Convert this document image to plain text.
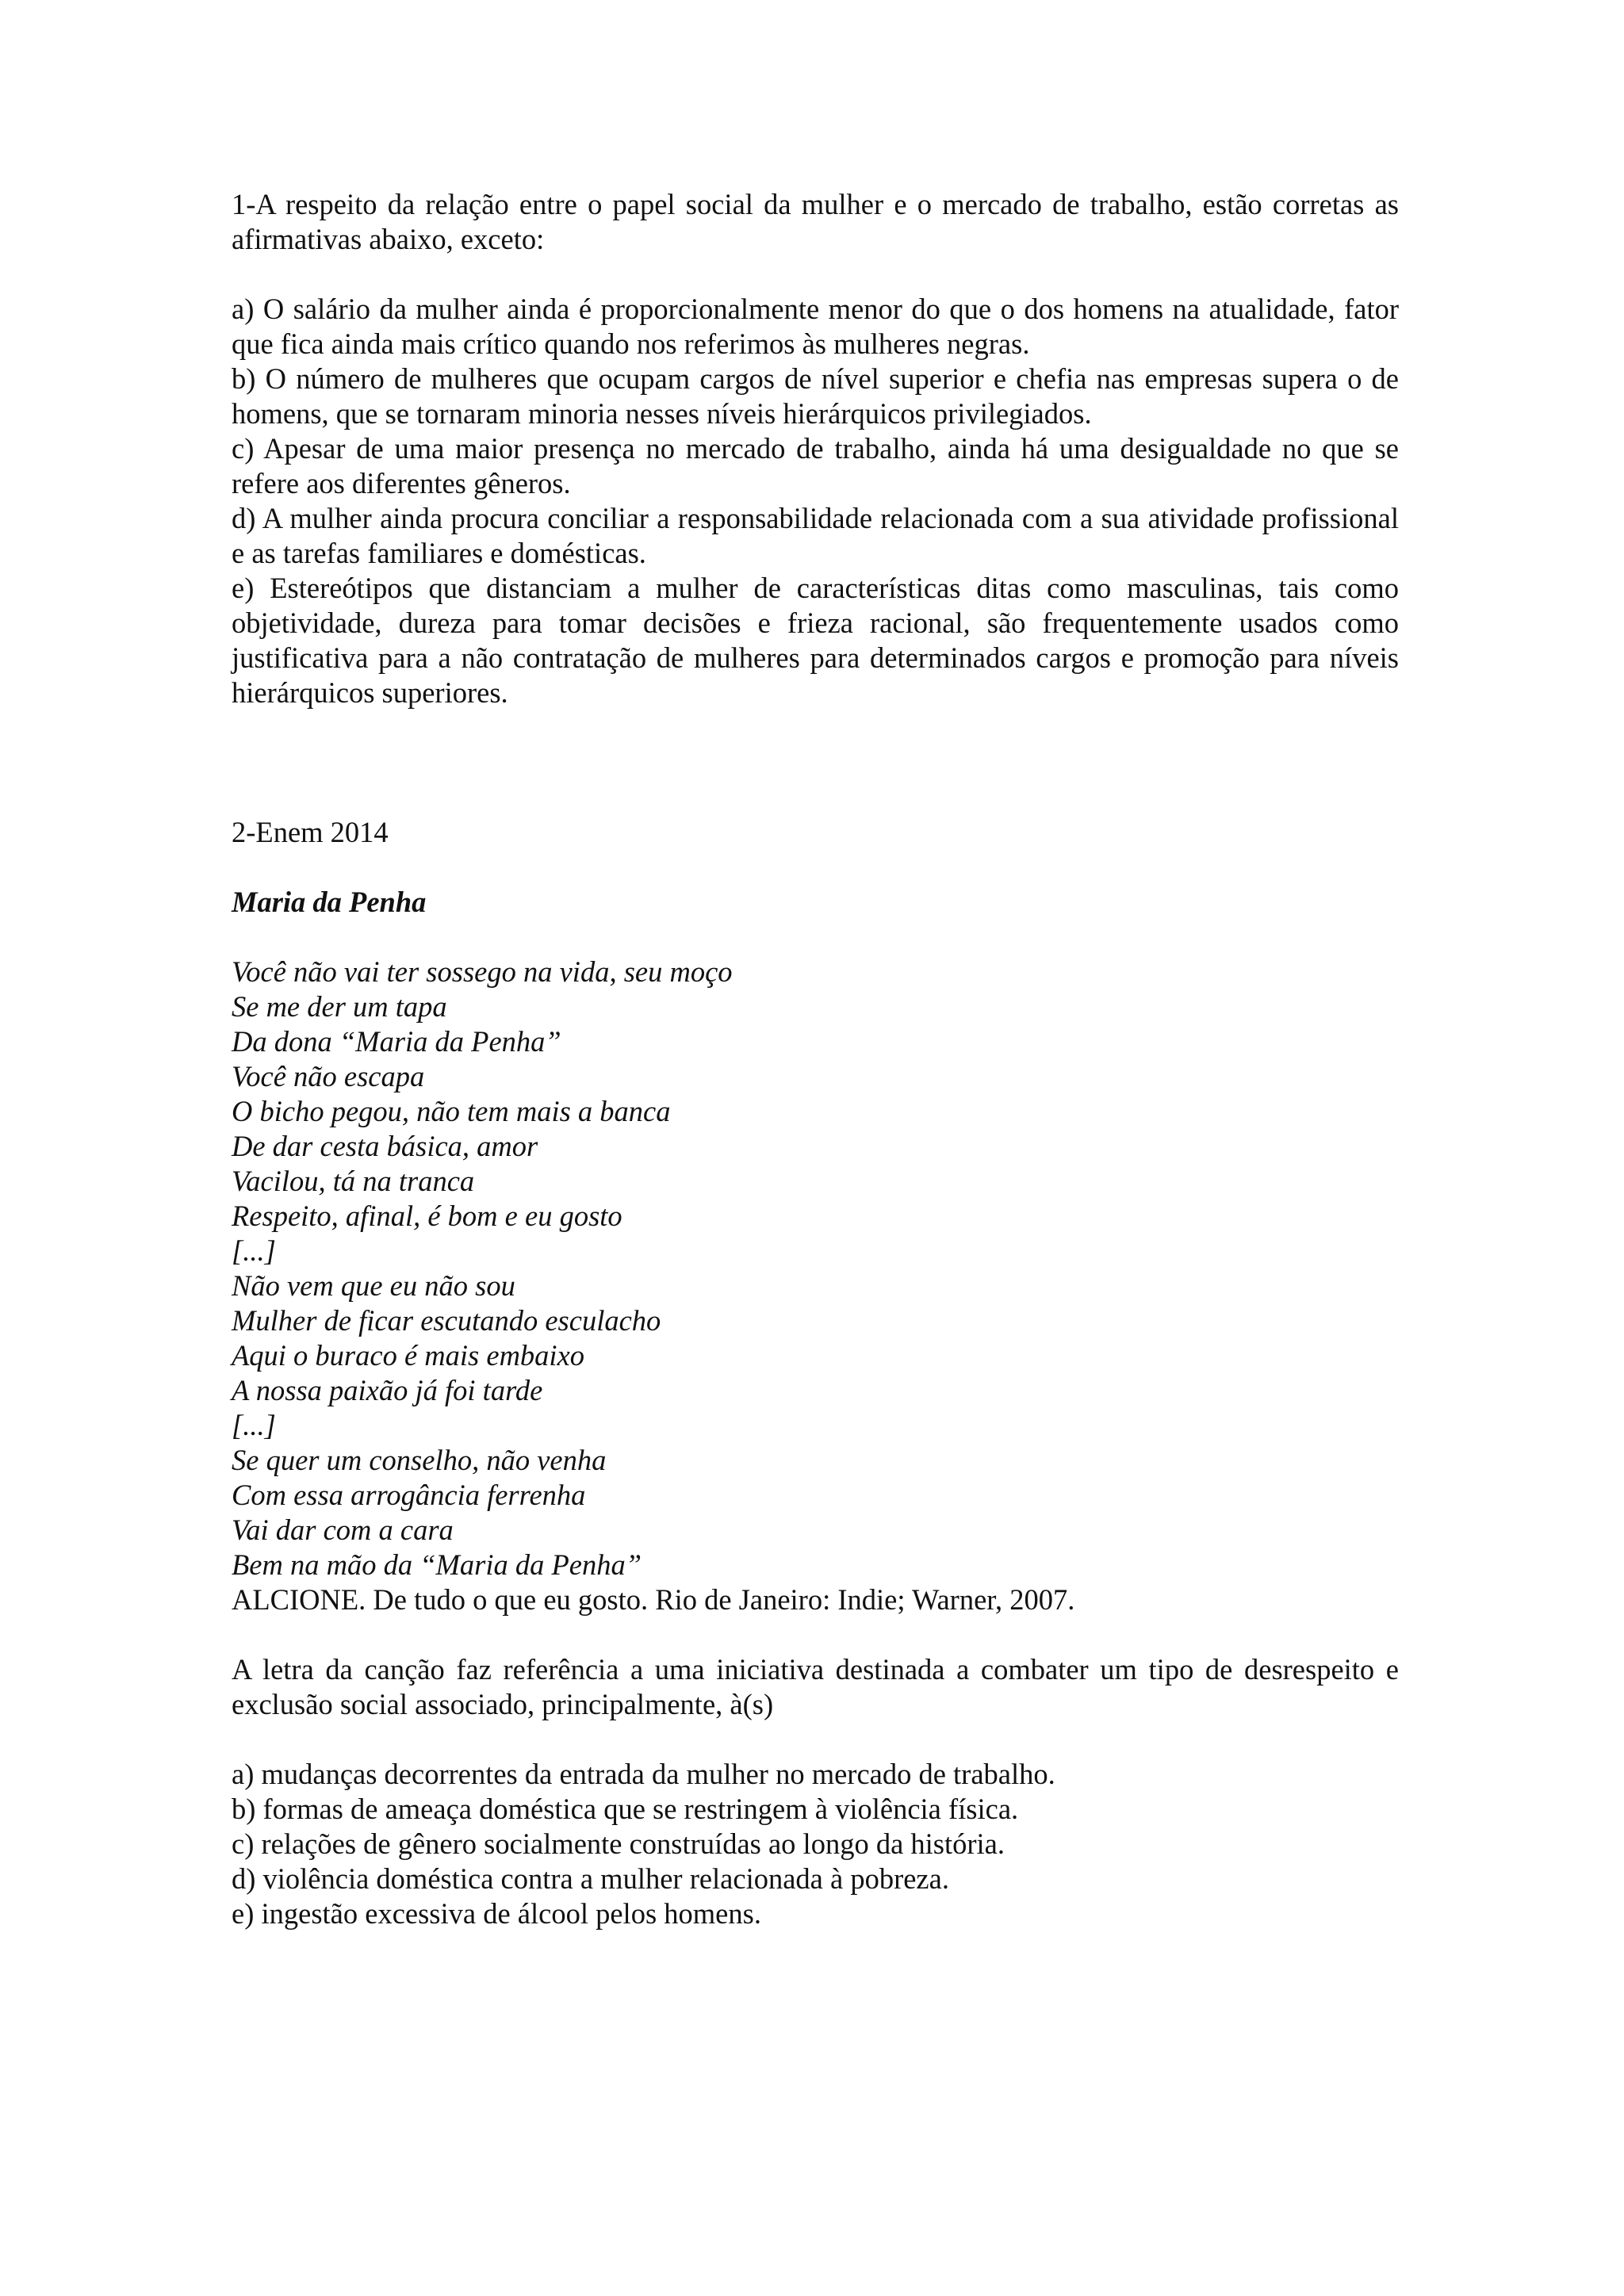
1-A respeito da relação entre o papel social da mulher e o mercado de trabalho, estão corretas as afirmativas abaixo, exceto:

a) O salário da mulher ainda é proporcionalmente menor do que o dos homens na atualidade, fator que fica ainda mais crítico quando nos referimos às mulheres negras.

b) O número de mulheres que ocupam cargos de nível superior e chefia nas empresas supera o de homens, que se tornaram minoria nesses níveis hierárquicos privilegiados.

c) Apesar de uma maior presença no mercado de trabalho, ainda há uma desigualdade no que se refere aos diferentes gêneros.

d) A mulher ainda procura conciliar a responsabilidade relacionada com a sua atividade profissional e as tarefas familiares e domésticas.

e) Estereótipos que distanciam a mulher de características ditas como masculinas, tais como objetividade, dureza para tomar decisões e frieza racional, são frequentemente usados como justificativa para a não contratação de mulheres para determinados cargos e promoção para níveis hierárquicos superiores.

2-Enem 2014

Maria da Penha

Você não vai ter sossego na vida, seu moço

Se me der um tapa

Da dona “Maria da Penha”

Você não escapa

O bicho pegou, não tem mais a banca

De dar cesta básica, amor

Vacilou, tá na tranca

Respeito, afinal, é bom e eu gosto

[...]

Não vem que eu não sou

Mulher de ficar escutando esculacho

Aqui o buraco é mais embaixo

A nossa paixão já foi tarde

[...]

Se quer um conselho, não venha

Com essa arrogância ferrenha

Vai dar com a cara

Bem na mão da “Maria da Penha”

ALCIONE. De tudo o que eu gosto. Rio de Janeiro: Indie; Warner, 2007.

A letra da canção faz referência a uma iniciativa destinada a combater um tipo de desrespeito e exclusão social associado, principalmente, à(s)

a) mudanças decorrentes da entrada da mulher no mercado de trabalho.

b) formas de ameaça doméstica que se restringem à violência física.

c) relações de gênero socialmente construídas ao longo da história.

d) violência doméstica contra a mulher relacionada à pobreza.

e) ingestão excessiva de álcool pelos homens.
